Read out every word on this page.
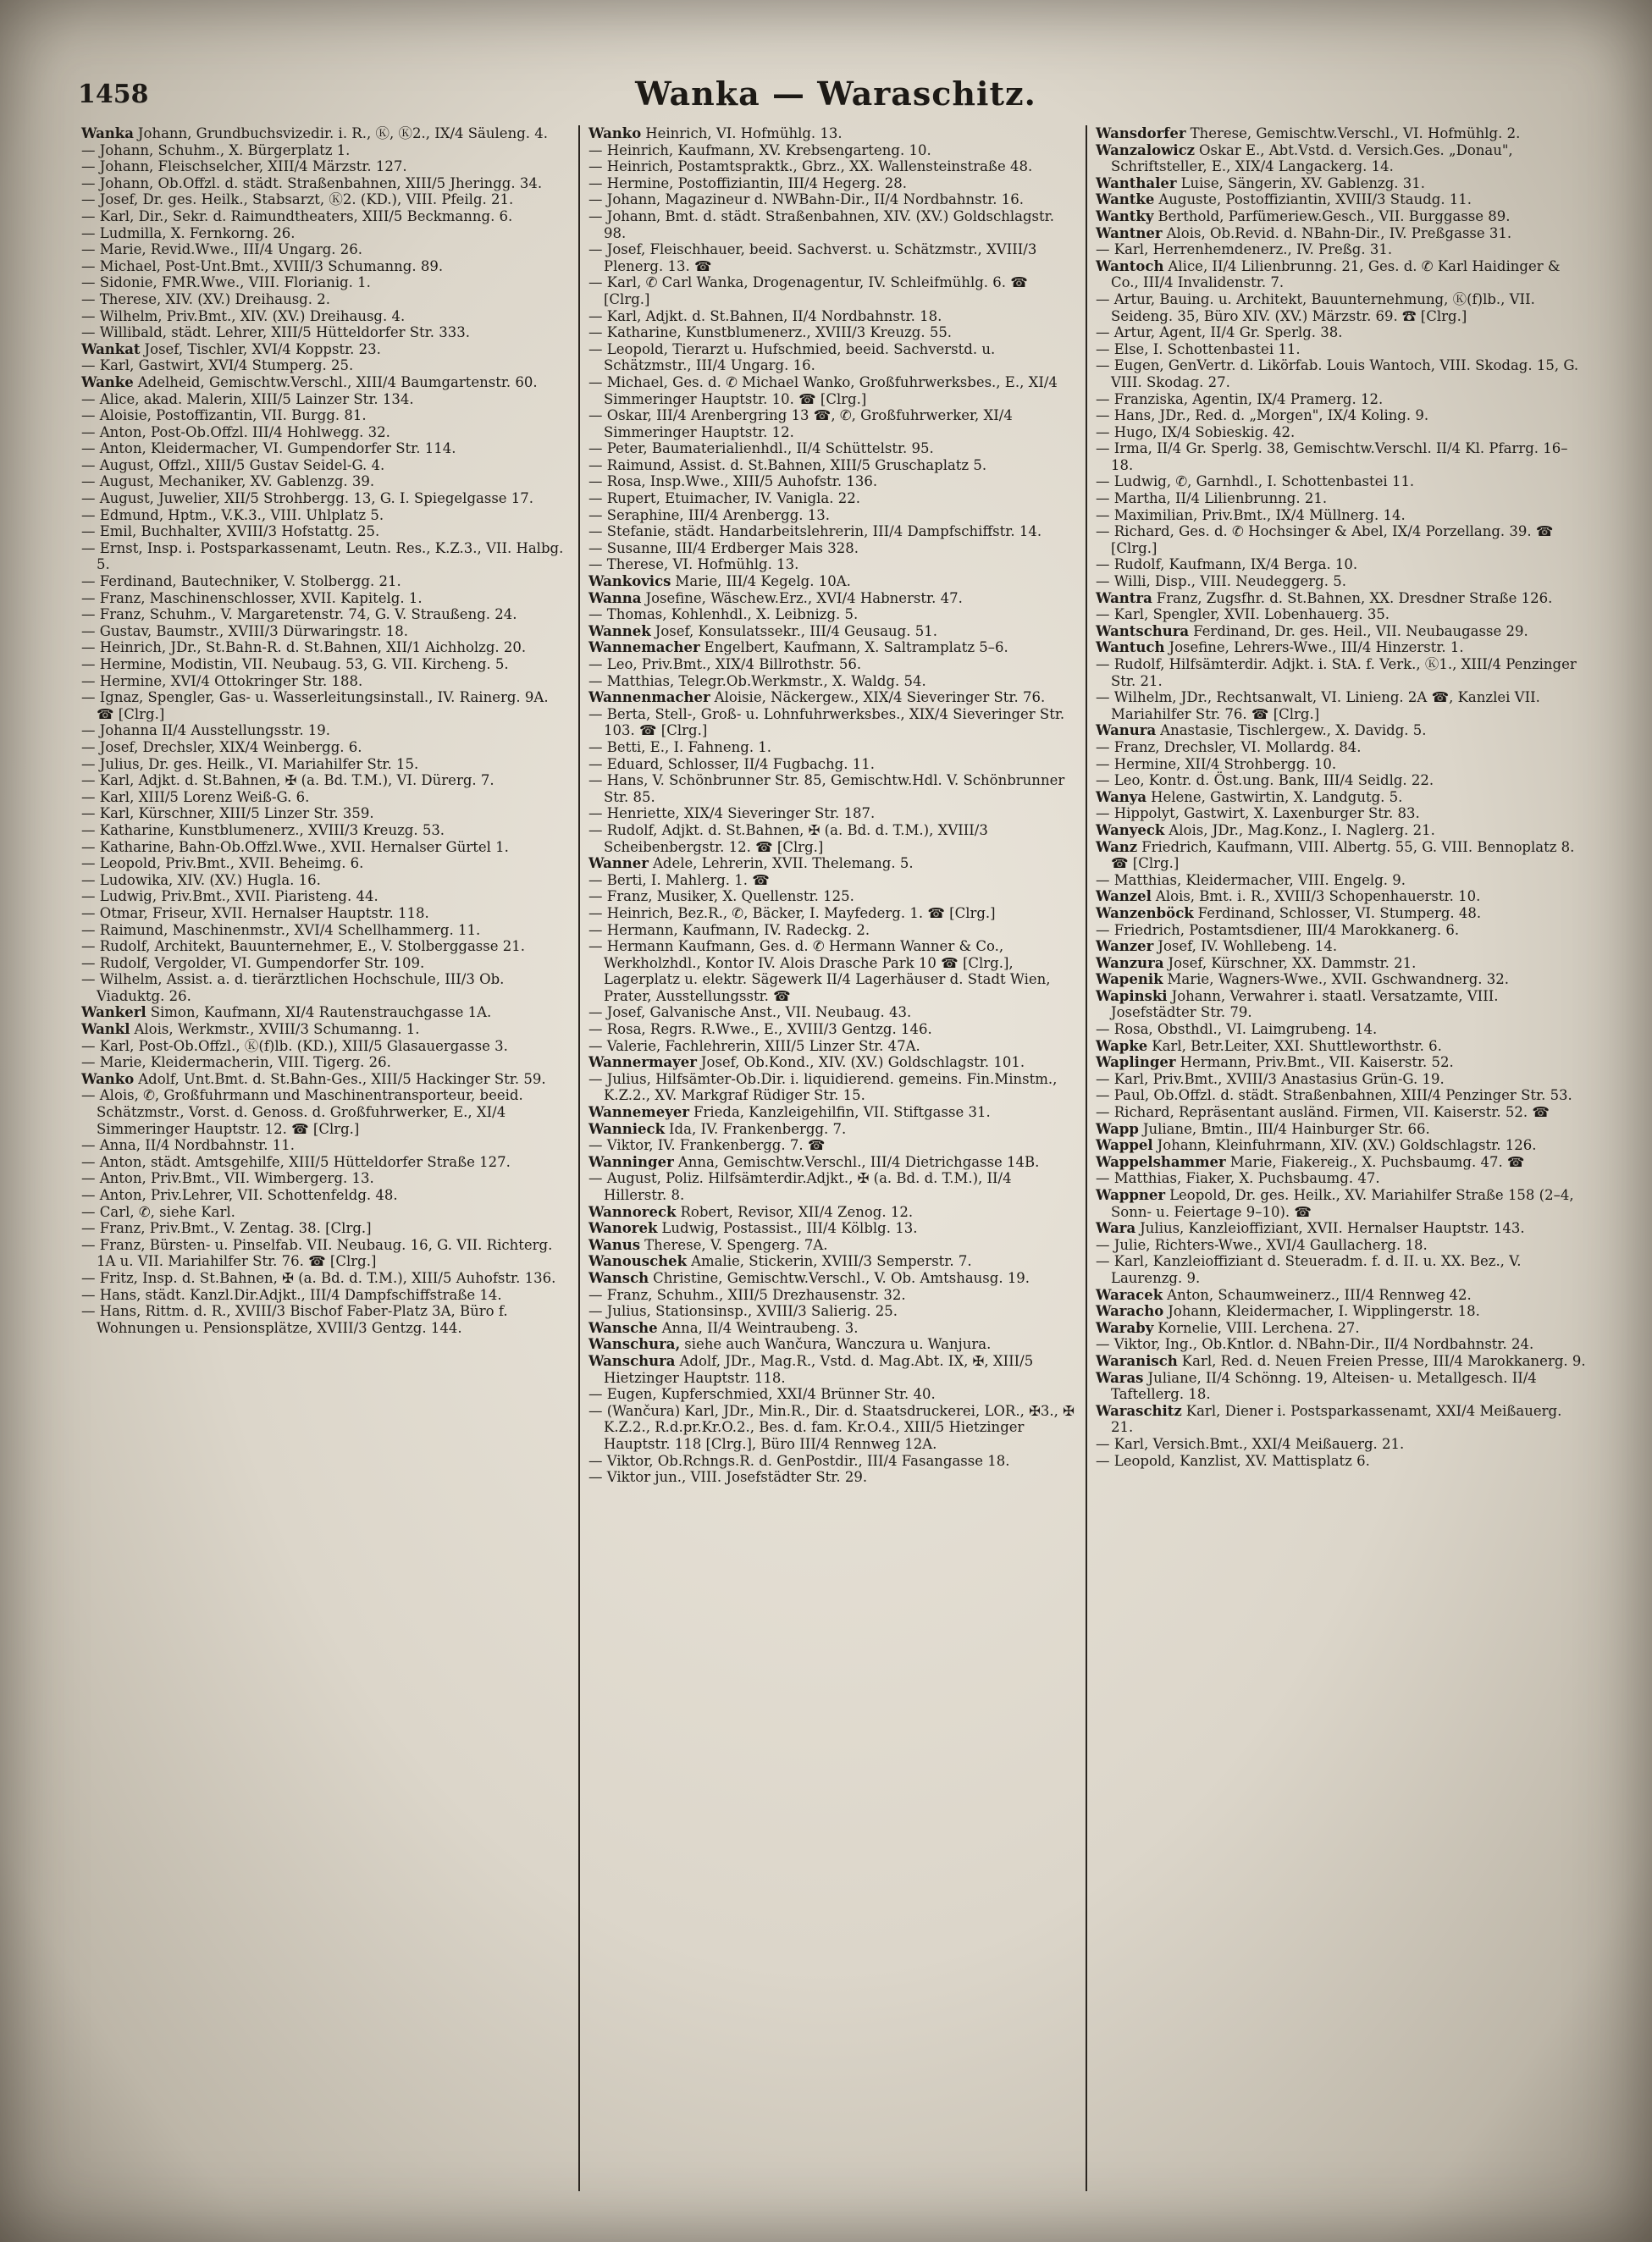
1458	Wanka — Waraschitz.

Wanka Johann, Grundbuchsvizedir. i. R., Ⓚ, Ⓚ2., IX/4 Säuleng. 4.

— Johann, Schuhm., X. Bürgerplatz 1.

— Johann, Fleischselcher, XIII/4 Märzstr. 127.

— Johann, Ob.Offzl. d. städt. Straßenbahnen, XIII/5 Jheringg. 34.

— Josef, Dr. ges. Heilk., Stabsarzt, Ⓚ2. (KD.), VIII. Pfeilg. 21.

— Karl, Dir., Sekr. d. Raimundtheaters, XIII/5 Beckmanng. 6.

— Ludmilla, X. Fernkorng. 26.

— Marie, Revid.Wwe., III/4 Ungarg. 26.

— Michael, Post-Unt.Bmt., XVIII/3 Schumanng. 89.

— Sidonie, FMR.Wwe., VIII. Florianig. 1.

— Therese, XIV. (XV.) Dreihausg. 2.

— Wilhelm, Priv.Bmt., XIV. (XV.) Dreihausg. 4.

— Willibald, städt. Lehrer, XIII/5 Hütteldorfer Str. 333.

Wankat Josef, Tischler, XVI/4 Koppstr. 23.

— Karl, Gastwirt, XVI/4 Stumperg. 25.

Wanke Adelheid, Gemischtw.Verschl., XIII/4 Baumgartenstr. 60.

— Alice, akad. Malerin, XIII/5 Lainzer Str. 134.

— Aloisie, Postoffizantin, VII. Burgg. 81.

— Anton, Post-Ob.Offzl. III/4 Hohlwegg. 32.

— Anton, Kleidermacher, VI. Gumpendorfer Str. 114.

— August, Offzl., XIII/5 Gustav Seidel-G. 4.

— August, Mechaniker, XV. Gablenzg. 39.

— August, Juwelier, XII/5 Strohbergg. 13, G. I. Spiegelgasse 17.

— Edmund, Hptm., V.K.3., VIII. Uhlplatz 5.

— Emil, Buchhalter, XVIII/3 Hofstattg. 25.

— Ernst, Insp. i. Postsparkassenamt, Leutn. Res., K.Z.3., VII. Halbg. 5.

— Ferdinand, Bautechniker, V. Stolbergg. 21.

— Franz, Maschinenschlosser, XVII. Kapitelg. 1.

— Franz, Schuhm., V. Margaretenstr. 74, G. V. Straußeng. 24.

— Gustav, Baumstr., XVIII/3 Dürwaringstr. 18.

— Heinrich, JDr., St.Bahn-R. d. St.Bahnen, XII/1 Aichholzg. 20.

— Hermine, Modistin, VII. Neubaug. 53, G. VII. Kircheng. 5.

— Hermine, XVI/4 Ottokringer Str. 188.

— Ignaz, Spengler, Gas- u. Wasserleitungsinstall., IV. Rainerg. 9A. ☎ [Clrg.]

— Johanna II/4 Ausstellungsstr. 19.

— Josef, Drechsler, XIX/4 Weinbergg. 6.

— Julius, Dr. ges. Heilk., VI. Mariahilfer Str. 15.

— Karl, Adjkt. d. St.Bahnen, ✠ (a. Bd. T.M.), VI. Dürerg. 7.

— Karl, XIII/5 Lorenz Weiß-G. 6.

— Karl, Kürschner, XIII/5 Linzer Str. 359.

— Katharine, Kunstblumenerz., XVIII/3 Kreuzg. 53.

— Katharine, Bahn-Ob.Offzl.Wwe., XVII. Hernalser Gürtel 1.

— Leopold, Priv.Bmt., XVII. Beheimg. 6.

— Ludowika, XIV. (XV.) Hugla. 16.

— Ludwig, Priv.Bmt., XVII. Piaristeng. 44.

— Otmar, Friseur, XVII. Hernalser Hauptstr. 118.

— Raimund, Maschinenmstr., XVI/4 Schellhammerg. 11.

— Rudolf, Architekt, Bauunternehmer, E., V. Stolberggasse 21.

— Rudolf, Vergolder, VI. Gumpendorfer Str. 109.

— Wilhelm, Assist. a. d. tierärztlichen Hochschule, III/3 Ob. Viaduktg. 26.

Wankerl Simon, Kaufmann, XI/4 Rautenstrauchgasse 1A.

Wankl Alois, Werkmstr., XVIII/3 Schumanng. 1.

— Karl, Post-Ob.Offzl., Ⓚ(f)lb. (KD.), XIII/5 Glasauergasse 3.

— Marie, Kleidermacherin, VIII. Tigerg. 26.

Wanko Adolf, Unt.Bmt. d. St.Bahn-Ges., XIII/5 Hackinger Str. 59.

— Alois, ✆, Großfuhrmann und Maschinentransporteur, beeid. Schätzmstr., Vorst. d. Genoss. d. Großfuhrwerker, E., XI/4 Simmeringer Hauptstr. 12. ☎ [Clrg.]

— Anna, II/4 Nordbahnstr. 11.

— Anton, städt. Amtsgehilfe, XIII/5 Hütteldorfer Straße 127.

— Anton, Priv.Bmt., VII. Wimbergerg. 13.

— Anton, Priv.Lehrer, VII. Schottenfeldg. 48.

— Carl, ✆, siehe Karl.

— Franz, Priv.Bmt., V. Zentag. 38. [Clrg.]

— Franz, Bürsten- u. Pinselfab. VII. Neubaug. 16, G. VII. Richterg. 1A u. VII. Mariahilfer Str. 76. ☎ [Clrg.]

— Fritz, Insp. d. St.Bahnen, ✠ (a. Bd. d. T.M.), XIII/5 Auhofstr. 136.

— Hans, städt. Kanzl.Dir.Adjkt., III/4 Dampfschiffstraße 14.

— Hans, Rittm. d. R., XVIII/3 Bischof Faber-Platz 3A, Büro f. Wohnungen u. Pensionsplätze, XVIII/3 Gentzg. 144.

Wanko Heinrich, VI. Hofmühlg. 13.

— Heinrich, Kaufmann, XV. Krebsengarteng. 10.

— Heinrich, Postamtspraktk., Gbrz., XX. Wallensteinstraße 48.

— Hermine, Postoffiziantin, III/4 Hegerg. 28.

— Johann, Magazineur d. NWBahn-Dir., II/4 Nordbahnstr. 16.

— Johann, Bmt. d. städt. Straßenbahnen, XIV. (XV.) Goldschlagstr. 98.

— Josef, Fleischhauer, beeid. Sachverst. u. Schätzmstr., XVIII/3 Plenerg. 13. ☎

— Karl, ✆ Carl Wanka, Drogenagentur, IV. Schleifmühlg. 6. ☎ [Clrg.]

— Karl, Adjkt. d. St.Bahnen, II/4 Nordbahnstr. 18.

— Katharine, Kunstblumenerz., XVIII/3 Kreuzg. 55.

— Leopold, Tierarzt u. Hufschmied, beeid. Sachverstd. u. Schätzmstr., III/4 Ungarg. 16.

— Michael, Ges. d. ✆ Michael Wanko, Großfuhrwerksbes., E., XI/4 Simmeringer Hauptstr. 10. ☎ [Clrg.]

— Oskar, III/4 Arenbergring 13 ☎, ✆, Großfuhrwerker, XI/4 Simmeringer Hauptstr. 12.

— Peter, Baumaterialienhdl., II/4 Schüttelstr. 95.

— Raimund, Assist. d. St.Bahnen, XIII/5 Gruschaplatz 5.

— Rosa, Insp.Wwe., XIII/5 Auhofstr. 136.

— Rupert, Etuimacher, IV. Vanigla. 22.

— Seraphine, III/4 Arenbergg. 13.

— Stefanie, städt. Handarbeitslehrerin, III/4 Dampfschiffstr. 14.

— Susanne, III/4 Erdberger Mais 328.

— Therese, VI. Hofmühlg. 13.

Wankovics Marie, III/4 Kegelg. 10A.

Wanna Josefine, Wäschew.Erz., XVI/4 Habnerstr. 47.

— Thomas, Kohlenhdl., X. Leibnizg. 5.

Wannek Josef, Konsulatssekr., III/4 Geusaug. 51.

Wannemacher Engelbert, Kaufmann, X. Saltramplatz 5–6.

— Leo, Priv.Bmt., XIX/4 Billrothstr. 56.

— Matthias, Telegr.Ob.Werkmstr., X. Waldg. 54.

Wannenmacher Aloisie, Näckergew., XIX/4 Sieveringer Str. 76.

— Berta, Stell-, Groß- u. Lohnfuhrwerksbes., XIX/4 Sieveringer Str. 103. ☎ [Clrg.]

— Betti, E., I. Fahneng. 1.

— Eduard, Schlosser, II/4 Fugbachg. 11.

— Hans, V. Schönbrunner Str. 85, Gemischtw.Hdl. V. Schönbrunner Str. 85.

— Henriette, XIX/4 Sieveringer Str. 187.

— Rudolf, Adjkt. d. St.Bahnen, ✠ (a. Bd. d. T.M.), XVIII/3 Scheibenbergstr. 12. ☎ [Clrg.]

Wanner Adele, Lehrerin, XVII. Thelemang. 5.

— Berti, I. Mahlerg. 1. ☎

— Franz, Musiker, X. Quellenstr. 125.

— Heinrich, Bez.R., ✆, Bäcker, I. Mayfederg. 1. ☎ [Clrg.]

— Hermann, Kaufmann, IV. Radeckg. 2.

— Hermann Kaufmann, Ges. d. ✆ Hermann Wanner & Co., Werkholzhdl., Kontor IV. Alois Drasche Park 10 ☎ [Clrg.], Lagerplatz u. elektr. Sägewerk II/4 Lagerhäuser d. Stadt Wien, Prater, Ausstellungsstr. ☎

— Josef, Galvanische Anst., VII. Neubaug. 43.

— Rosa, Regrs. R.Wwe., E., XVIII/3 Gentzg. 146.

— Valerie, Fachlehrerin, XIII/5 Linzer Str. 47A.

Wannermayer Josef, Ob.Kond., XIV. (XV.) Goldschlagstr. 101.

— Julius, Hilfsämter-Ob.Dir. i. liquidierend. gemeins. Fin.Minstm., K.Z.2., XV. Markgraf Rüdiger Str. 15.

Wannemeyer Frieda, Kanzleigehilfin, VII. Stiftgasse 31.

Wannieck Ida, IV. Frankenbergg. 7.

— Viktor, IV. Frankenbergg. 7. ☎

Wanninger Anna, Gemischtw.Verschl., III/4 Dietrichgasse 14B.

— August, Poliz. Hilfsämterdir.Adjkt., ✠ (a. Bd. d. T.M.), II/4 Hillerstr. 8.

Wannoreck Robert, Revisor, XII/4 Zenog. 12.

Wanorek Ludwig, Postassist., III/4 Kölblg. 13.

Wanus Therese, V. Spengerg. 7A.

Wanouschek Amalie, Stickerin, XVIII/3 Semperstr. 7.

Wansch Christine, Gemischtw.Verschl., V. Ob. Amtshausg. 19.

— Franz, Schuhm., XIII/5 Drezhausenstr. 32.

— Julius, Stationsinsp., XVIII/3 Salierig. 25.

Wansche Anna, II/4 Weintraubeng. 3.

Wanschura, siehe auch Wančura, Wanczura u. Wanjura.

Wanschura Adolf, JDr., Mag.R., Vstd. d. Mag.Abt. IX, ✠, XIII/5 Hietzinger Hauptstr. 118.

— Eugen, Kupferschmied, XXI/4 Brünner Str. 40.

— (Wančura) Karl, JDr., Min.R., Dir. d. Staatsdruckerei, LOR., ✠3., ✠ K.Z.2., R.d.pr.Kr.O.2., Bes. d. fam. Kr.O.4., XIII/5 Hietzinger Hauptstr. 118 [Clrg.], Büro III/4 Rennweg 12A.

— Viktor, Ob.Rchngs.R. d. GenPostdir., III/4 Fasangasse 18.

— Viktor jun., VIII. Josefstädter Str. 29.

Wansdorfer Therese, Gemischtw.Verschl., VI. Hofmühlg. 2.

Wanzalowicz Oskar E., Abt.Vstd. d. Versich.Ges. „Donau", Schriftsteller, E., XIX/4 Langackerg. 14.

Wanthaler Luise, Sängerin, XV. Gablenzg. 31.

Wantke Auguste, Postoffiziantin, XVIII/3 Staudg. 11.

Wantky Berthold, Parfümeriew.Gesch., VII. Burggasse 89.

Wantner Alois, Ob.Revid. d. NBahn-Dir., IV. Preßgasse 31.

— Karl, Herrenhemdenerz., IV. Preßg. 31.

Wantoch Alice, II/4 Lilienbrunng. 21, Ges. d. ✆ Karl Haidinger & Co., III/4 Invalidenstr. 7.

— Artur, Bauing. u. Architekt, Bauunternehmung, Ⓚ(f)lb., VII. Seideng. 35, Büro XIV. (XV.) Märzstr. 69. ☎ [Clrg.]

— Artur, Agent, II/4 Gr. Sperlg. 38.

— Else, I. Schottenbastei 11.

— Eugen, GenVertr. d. Likörfab. Louis Wantoch, VIII. Skodag. 15, G. VIII. Skodag. 27.

— Franziska, Agentin, IX/4 Pramerg. 12.

— Hans, JDr., Red. d. „Morgen", IX/4 Koling. 9.

— Hugo, IX/4 Sobieskig. 42.

— Irma, II/4 Gr. Sperlg. 38, Gemischtw.Verschl. II/4 Kl. Pfarrg. 16–18.

— Ludwig, ✆, Garnhdl., I. Schottenbastei 11.

— Martha, II/4 Lilienbrunng. 21.

— Maximilian, Priv.Bmt., IX/4 Müllnerg. 14.

— Richard, Ges. d. ✆ Hochsinger & Abel, IX/4 Porzellang. 39. ☎ [Clrg.]

— Rudolf, Kaufmann, IX/4 Berga. 10.

— Willi, Disp., VIII. Neudeggerg. 5.

Wantra Franz, Zugsfhr. d. St.Bahnen, XX. Dresdner Straße 126.

— Karl, Spengler, XVII. Lobenhauerg. 35.

Wantschura Ferdinand, Dr. ges. Heil., VII. Neubaugasse 29.

Wantuch Josefine, Lehrers-Wwe., III/4 Hinzerstr. 1.

— Rudolf, Hilfsämterdir. Adjkt. i. StA. f. Verk., Ⓚ1., XIII/4 Penzinger Str. 21.

— Wilhelm, JDr., Rechtsanwalt, VI. Linieng. 2A ☎, Kanzlei VII. Mariahilfer Str. 76. ☎ [Clrg.]

Wanura Anastasie, Tischlergew., X. Davidg. 5.

— Franz, Drechsler, VI. Mollardg. 84.

— Hermine, XII/4 Strohbergg. 10.

— Leo, Kontr. d. Öst.ung. Bank, III/4 Seidlg. 22.

Wanya Helene, Gastwirtin, X. Landgutg. 5.

— Hippolyt, Gastwirt, X. Laxenburger Str. 83.

Wanyeck Alois, JDr., Mag.Konz., I. Naglerg. 21.

Wanz Friedrich, Kaufmann, VIII. Albertg. 55, G. VIII. Bennoplatz 8. ☎ [Clrg.]

— Matthias, Kleidermacher, VIII. Engelg. 9.

Wanzel Alois, Bmt. i. R., XVIII/3 Schopenhauerstr. 10.

Wanzenböck Ferdinand, Schlosser, VI. Stumperg. 48.

— Friedrich, Postamtsdiener, III/4 Marokkanerg. 6.

Wanzer Josef, IV. Wohllebeng. 14.

Wanzura Josef, Kürschner, XX. Dammstr. 21.

Wapenik Marie, Wagners-Wwe., XVII. Gschwandnerg. 32.

Wapinski Johann, Verwahrer i. staatl. Versatzamte, VIII. Josefstädter Str. 79.

— Rosa, Obsthdl., VI. Laimgrubeng. 14.

Wapke Karl, Betr.Leiter, XXI. Shuttleworthstr. 6.

Waplinger Hermann, Priv.Bmt., VII. Kaiserstr. 52.

— Karl, Priv.Bmt., XVIII/3 Anastasius Grün-G. 19.

— Paul, Ob.Offzl. d. städt. Straßenbahnen, XIII/4 Penzinger Str. 53.

— Richard, Repräsentant ausländ. Firmen, VII. Kaiserstr. 52. ☎

Wapp Juliane, Bmtin., III/4 Hainburger Str. 66.

Wappel Johann, Kleinfuhrmann, XIV. (XV.) Goldschlagstr. 126.

Wappelshammer Marie, Fiakereig., X. Puchsbaumg. 47. ☎

— Matthias, Fiaker, X. Puchsbaumg. 47.

Wappner Leopold, Dr. ges. Heilk., XV. Mariahilfer Straße 158 (2–4, Sonn- u. Feiertage 9–10). ☎

Wara Julius, Kanzleioffiziant, XVII. Hernalser Hauptstr. 143.

— Julie, Richters-Wwe., XVI/4 Gaullacherg. 18.

— Karl, Kanzleioffiziant d. Steueradm. f. d. II. u. XX. Bez., V. Laurenzg. 9.

Waracek Anton, Schaumweinerz., III/4 Rennweg 42.

Waracho Johann, Kleidermacher, I. Wipplingerstr. 18.

Waraby Kornelie, VIII. Lerchena. 27.

— Viktor, Ing., Ob.Kntlor. d. NBahn-Dir., II/4 Nordbahnstr. 24.

Waranisch Karl, Red. d. Neuen Freien Presse, III/4 Marokkanerg. 9.

Waras Juliane, II/4 Schönng. 19, Alteisen- u. Metallgesch. II/4 Taftellerg. 18.

Waraschitz Karl, Diener i. Postsparkassenamt, XXI/4 Meißauerg. 21.

— Karl, Versich.Bmt., XXI/4 Meißauerg. 21.

— Leopold, Kanzlist, XV. Mattisplatz 6.
